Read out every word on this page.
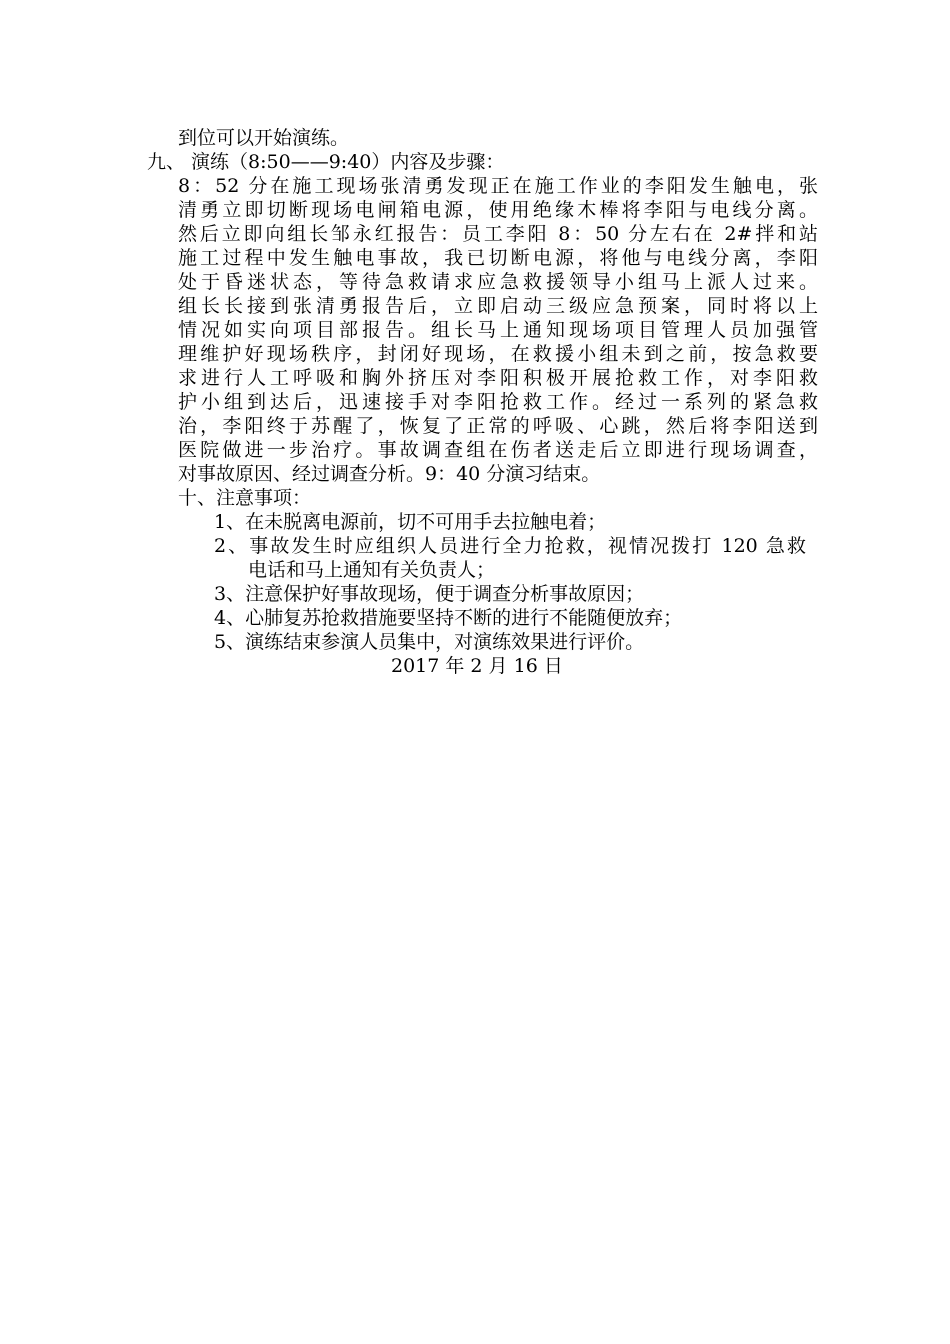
到位可以开始演练。
九、 演练（8:50——9:40）内容及步骤：
8：52 分在施工现场张清勇发现正在施工作业的李阳发生触电，张
清勇立即切断现场电闸箱电源，使用绝缘木棒将李阳与电线分离。
然后立即向组长邹永红报告：员工李阳 8：50 分左右在 2#拌和站
施工过程中发生触电事故，我已切断电源，将他与电线分离，李阳
处于昏迷状态，等待急救请求应急救援领导小组马上派人过来。
组长长接到张清勇报告后，立即启动三级应急预案，同时将以上
情况如实向项目部报告。组长马上通知现场项目管理人员加强管
理维护好现场秩序，封闭好现场，在救援小组未到之前，按急救要
求进行人工呼吸和胸外挤压对李阳积极开展抢救工作，对李阳救
护小组到达后，迅速接手对李阳抢救工作。经过一系列的紧急救
治，李阳终于苏醒了，恢复了正常的呼吸、心跳，然后将李阳送到
医院做进一步治疗。事故调查组在伤者送走后立即进行现场调查，
对事故原因、经过调查分析。9：40 分演习结束。
十、注意事项：
1、在未脱离电源前，切不可用手去拉触电着；
2、事故发生时应组织人员进行全力抢救，视情况拨打 120 急救
电话和马上通知有关负责人；
3、注意保护好事故现场，便于调查分析事故原因；
4、心肺复苏抢救措施要坚持不断的进行不能随便放弃；
5、演练结束参演人员集中，对演练效果进行评价。
2017 年 2 月 16 日
